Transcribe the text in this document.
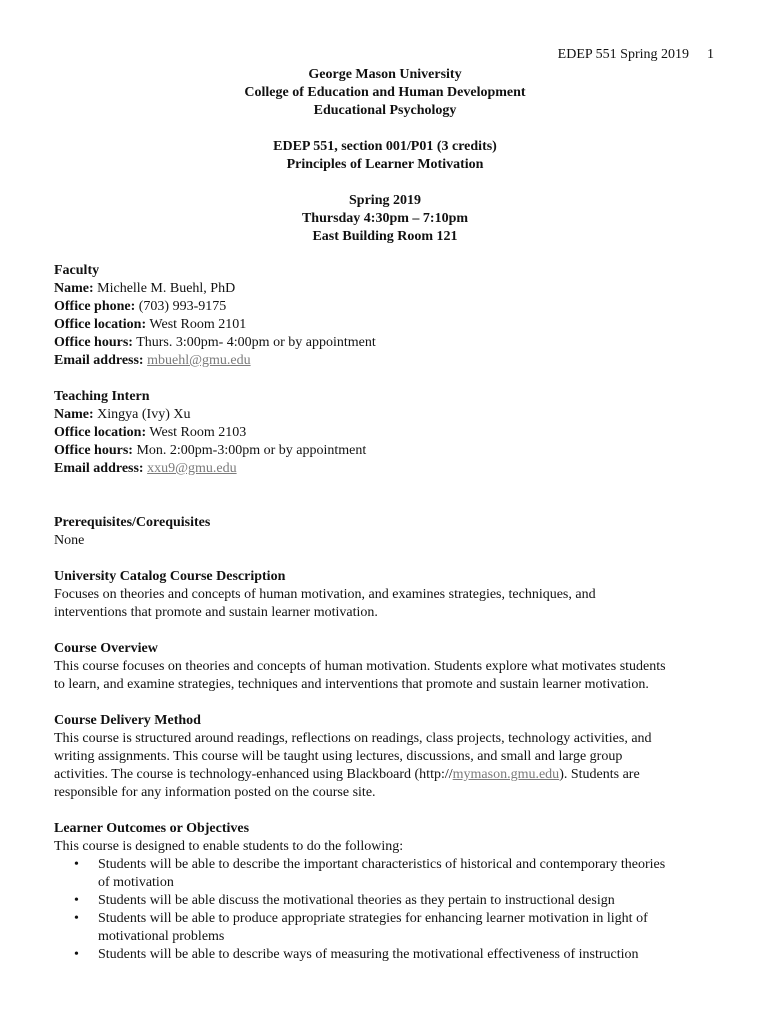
EDEP 551 Spring 2019 1
George Mason University
College of Education and Human Development
Educational Psychology
EDEP 551, section 001/P01 (3 credits)
Principles of Learner Motivation
Spring 2019
Thursday 4:30pm – 7:10pm
East Building Room 121
Faculty
Name: Michelle M. Buehl, PhD
Office phone: (703) 993-9175
Office location: West Room 2101
Office hours: Thurs. 3:00pm- 4:00pm or by appointment
Email address: mbuehl@gmu.edu
Teaching Intern
Name: Xingya (Ivy) Xu
Office location: West Room 2103
Office hours: Mon. 2:00pm-3:00pm or by appointment
Email address: xxu9@gmu.edu
Prerequisites/Corequisites
None
University Catalog Course Description
Focuses on theories and concepts of human motivation, and examines strategies, techniques, and
interventions that promote and sustain learner motivation.
Course Overview
This course focuses on theories and concepts of human motivation. Students explore what motivates students
to learn, and examine strategies, techniques and interventions that promote and sustain learner motivation.
Course Delivery Method
This course is structured around readings, reflections on readings, class projects, technology activities, and
writing assignments. This course will be taught using lectures, discussions, and small and large group
activities. The course is technology-enhanced using Blackboard (http://mymason.gmu.edu). Students are
responsible for any information posted on the course site.
Learner Outcomes or Objectives
This course is designed to enable students to do the following:
• Students will be able to describe the important characteristics of historical and contemporary theories
of motivation
• Students will be able discuss the motivational theories as they pertain to instructional design
• Students will be able to produce appropriate strategies for enhancing learner motivation in light of
motivational problems
• Students will be able to describe ways of measuring the motivational effectiveness of instruction
